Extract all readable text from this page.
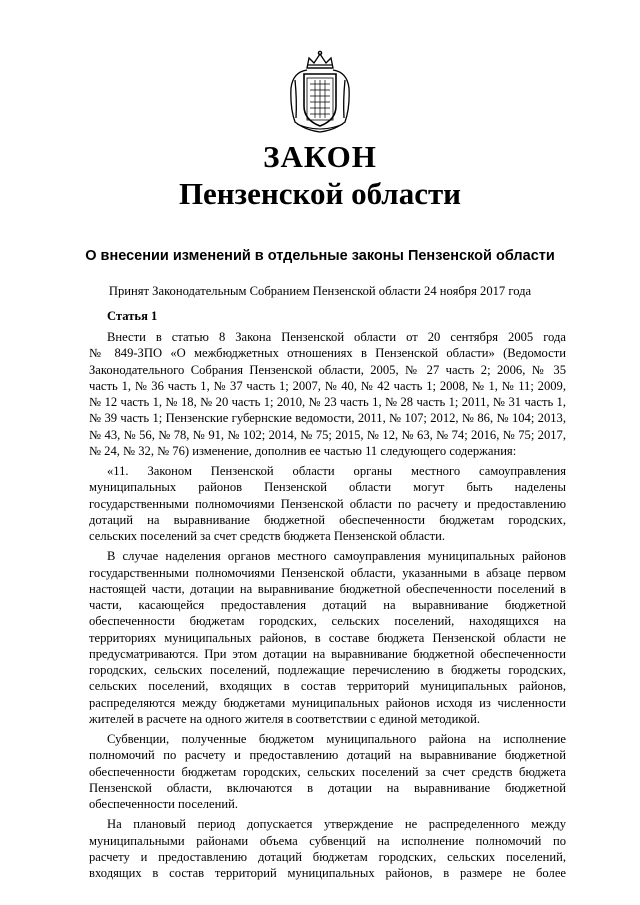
ЗАКОН
Пензенской области
О внесении изменений в отдельные законы Пензенской области
Принят Законодательным Собранием Пензенской области 24 ноября 2017 года
Статья 1
Внести в статью 8 Закона Пензенской области от 20 сентября 2005 года
№ 849-ЗПО «О межбюджетных отношениях в Пензенской области» (Ведомости
Законодательного Собрания Пензенской области, 2005, № 27 часть 2; 2006, № 35
часть 1, № 36 часть 1, № 37 часть 1; 2007, № 40, № 42 часть 1; 2008, № 1, № 11; 2009,
№ 12 часть 1, № 18, № 20 часть 1; 2010, № 23 часть 1, № 28 часть 1; 2011, № 31 часть 1,
№ 39 часть 1; Пензенские губернские ведомости, 2011, № 107; 2012, № 86, № 104; 2013,
№ 43, № 56, № 78, № 91, № 102; 2014, № 75; 2015, № 12, № 63, № 74; 2016, № 75; 2017,
№ 24, № 32, № 76) изменение, дополнив ее частью 11 следующего содержания:
«11. Законом Пензенской области органы местного самоуправления
муниципальных районов Пензенской области могут быть наделены
государственными полномочиями Пензенской области по расчету и предоставлению
дотаций на выравнивание бюджетной обеспеченности бюджетам городских,
сельских поселений за счет средств бюджета Пензенской области.
В случае наделения органов местного самоуправления муниципальных районов
государственными полномочиями Пензенской области, указанными в абзаце первом
настоящей части, дотации на выравнивание бюджетной обеспеченности поселений в
части, касающейся предоставления дотаций на выравнивание бюджетной
обеспеченности бюджетам городских, сельских поселений, находящихся на
территориях муниципальных районов, в составе бюджета Пензенской области не
предусматриваются. При этом дотации на выравнивание бюджетной обеспеченности
городских, сельских поселений, подлежащие перечислению в бюджеты городских,
сельских поселений, входящих в состав территорий муниципальных районов,
распределяются между бюджетами муниципальных районов исходя из численности
жителей в расчете на одного жителя в соответствии с единой методикой.
Субвенции, полученные бюджетом муниципального района на исполнение
полномочий по расчету и предоставлению дотаций на выравнивание бюджетной
обеспеченности бюджетам городских, сельских поселений за счет средств бюджета
Пензенской области, включаются в дотации на выравнивание бюджетной
обеспеченности поселений.
На плановый период допускается утверждение не распределенного между
муниципальными районами объема субвенций на исполнение полномочий по
расчету и предоставлению дотаций бюджетам городских, сельских поселений,
входящих в состав территорий муниципальных районов, в размере не более
